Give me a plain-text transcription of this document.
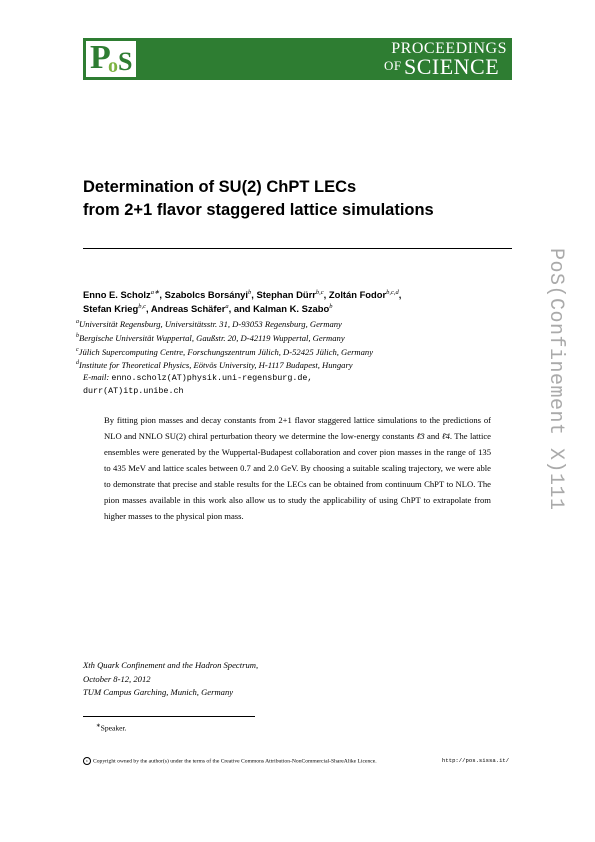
P
o S	PROCEEDINGS
OF SCIENCE
Determination of SU(2) ChPT LECs
from 2+1 flavor staggered lattice simulations
Enno E. Scholz$^{a∗}$, Szabolcs Borsányi$^b$, Stephan Dürr$^{b,c}$, Zoltán Fodor$^{b,c,d}$,
Stefan Krieg$^{b,c}$, Andreas Schäfer$^a$, and Kalman K. Szabo$^b$
$^a$Universität Regensburg, Universitätsstr. 31, D-93053 Regensburg, Germany
$^b$Bergische Universität Wuppertal, Gaußstr. 20, D-42119 Wuppertal, Germany
$^c$Jülich Supercomputing Centre, Forschungszentrum Jülich, D-52425 Jülich, Germany
$^d$Institute for Theoretical Physics, Eötvös University, H-1117 Budapest, Hungary
E-mail: enno.scholz(AT)physik.uni-regensburg.de,
durr(AT)itp.unibe.ch

By fitting pion masses and decay constants from 2+1 flavor staggered lattice simulations to the predictions of NLO and NNLO SU(2) chiral perturbation theory we determine the low-energy constants ℓ̄3 and ℓ̄4. The lattice ensembles were generated by the Wuppertal-Budapest collaboration and cover pion masses in the range of 135 to 435 MeV and lattice scales between 0.7 and 2.0 GeV. By choosing a suitable scaling trajectory, we were able to demonstrate that precise and stable results for the LECs can be obtained from continuum ChPT to NLO. The pion masses available in this work also allow us to study the applicability of using ChPT to extrapolate from higher masses to the physical pion mass.

PoS(Confinement X)111
Xth Quark Confinement and the Hadron Spectrum,
October 8-12, 2012
TUM Campus Garching, Munich, Germany
∗Speaker.
c Copyright owned by the author(s) under the terms of the Creative Commons Attribution-NonCommercial-ShareAlike Licence.	http://pos.sissa.it/
